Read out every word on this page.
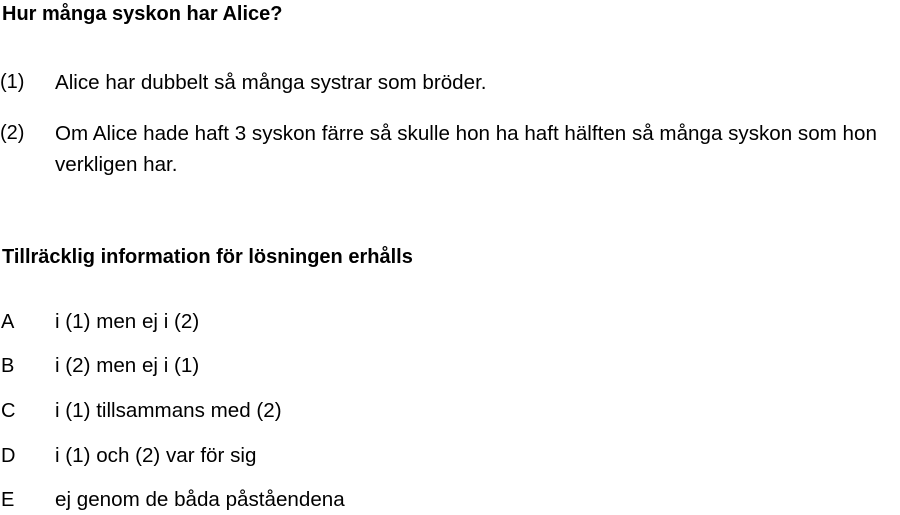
Hur många syskon har Alice?
(1) Alice har dubbelt så många systrar som bröder.
(2) Om Alice hade haft 3 syskon färre så skulle hon ha haft hälften så många syskon som hon verkligen har.
Tillräcklig information för lösningen erhålls
A i (1) men ej i (2)
B i (2) men ej i (1)
C i (1) tillsammans med (2)
D i (1) och (2) var för sig
E ej genom de båda påståendena
